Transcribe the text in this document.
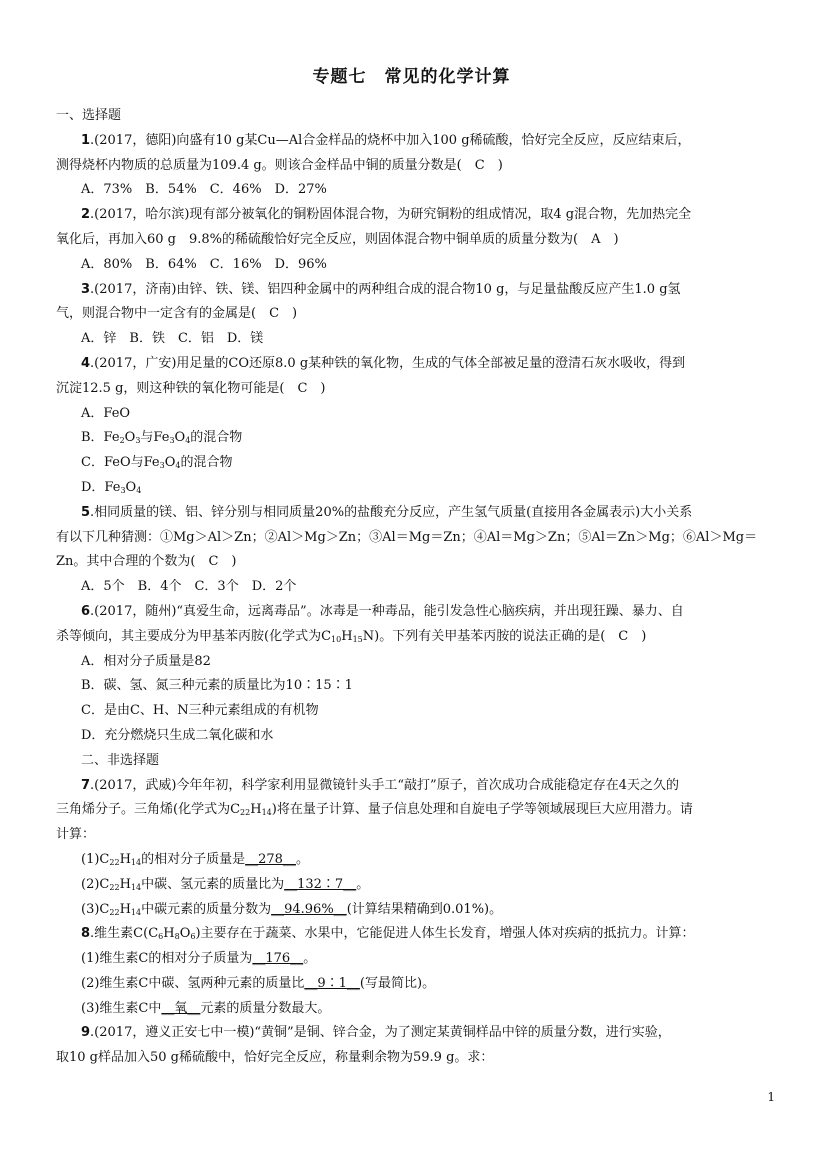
专题七　常见的化学计算
一、选择题
1.(2017，德阳)向盛有10 g某Cu—Al合金样品的烧杯中加入100 g稀硫酸，恰好完全反应，反应结束后，
测得烧杯内物质的总质量为109.4 g。则该合金样品中铜的质量分数是(　C　)
A．73%　B．54%　C．46%　D．27%
2.(2017，哈尔滨)现有部分被氧化的铜粉固体混合物，为研究铜粉的组成情况，取4 g混合物，先加热完全
氧化后，再加入60 g　9.8%的稀硫酸恰好完全反应，则固体混合物中铜单质的质量分数为(　A　)
A．80%　B．64%　C．16%　D．96%
3.(2017，济南)由锌、铁、镁、铝四种金属中的两种组合成的混合物10 g，与足量盐酸反应产生1.0 g氢
气，则混合物中一定含有的金属是(　C　)
A．锌　B．铁　C．铝　D．镁
4.(2017，广安)用足量的CO还原8.0 g某种铁的氧化物，生成的气体全部被足量的澄清石灰水吸收，得到
沉淀12.5 g，则这种铁的氧化物可能是(　C　)
A．FeO
B．$Fe_2O_3$与$Fe_3O_4$的混合物
C．FeO与$Fe_3O_4$的混合物
D．$Fe_3O_4$
5.相同质量的镁、铝、锌分别与相同质量20%的盐酸充分反应，产生氢气质量(直接用各金属表示)大小关系
有以下几种猜测：①Mg＞Al＞Zn；②Al＞Mg＞Zn；③Al＝Mg＝Zn；④Al＝Mg＞Zn；⑤Al＝Zn＞Mg；⑥Al＞Mg＝
Zn。其中合理的个数为(　C　)
A．5个　B．4个　C．3个　D．2个
6.(2017，随州)“真爱生命，远离毒品”。冰毒是一种毒品，能引发急性心脑疾病，并出现狂躁、暴力、自
杀等倾向，其主要成分为甲基苯丙胺(化学式为$C_{10}H_{15}N$)。下列有关甲基苯丙胺的说法正确的是(　C　)
A．相对分子质量是82
B．碳、氢、氮三种元素的质量比为10∶15∶1
C．是由C、H、N三种元素组成的有机物
D．充分燃烧只生成二氧化碳和水
二、非选择题
7.(2017，武威)今年年初，科学家利用显微镜针头手工“敲打”原子，首次成功合成能稳定存在4天之久的
三角烯分子。三角烯(化学式为$C_{22}H_{14}$)将在量子计算、量子信息处理和自旋电子学等领域展现巨大应用潜力。请
计算：
$(1)C_{22}H_{14}$的相对分子质量是__278__。
$(2)C_{22}H_{14}$中碳、氢元素的质量比为__132∶7__。
$(3)C_{22}H_{14}$中碳元素的质量分数为__94.96%__(计算结果精确到0.01%)。
8.维生素$C(C_6H_8O_6)$主要存在于蔬菜、水果中，它能促进人体生长发育，增强人体对疾病的抵抗力。计算：
(1)维生素C的相对分子质量为__176__。
(2)维生素C中碳、氢两种元素的质量比__9∶1__(写最简比)。
(3)维生素C中__氧__元素的质量分数最大。
9.(2017，遵义正安七中一模)“黄铜”是铜、锌合金，为了测定某黄铜样品中锌的质量分数，进行实验，
取10 g样品加入50 g稀硫酸中，恰好完全反应，称量剩余物为59.9 g。求：
1
